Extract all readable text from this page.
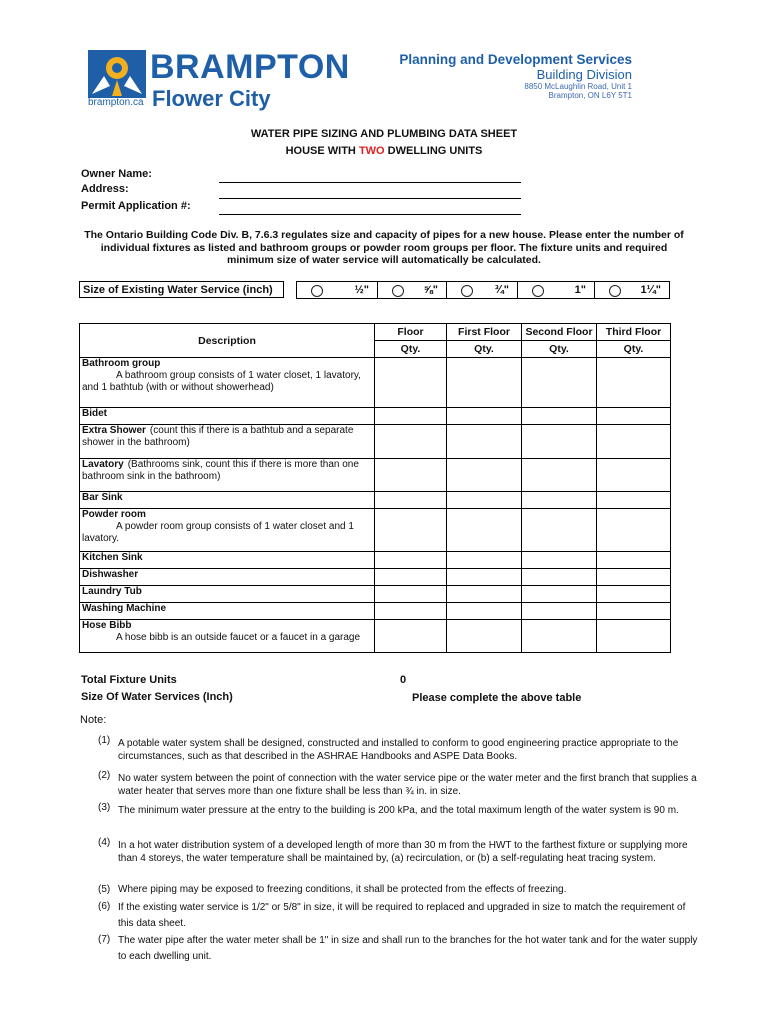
BRAMPTON
Flower City
brampton.ca
Planning and Development Services
Building Division
8850 McLaughlin Road, Unit 1
Brampton, ON L6Y 5T1
WATER PIPE SIZING AND PLUMBING DATA SHEET
HOUSE WITH TWO DWELLING UNITS
Owner Name:
Address:
Permit Application #:
The Ontario Building Code Div. B, 7.6.3 regulates size and capacity of pipes for a new house. Please enter the number of individual fixtures as listed and bathroom groups or powder room groups per floor. The fixture units and required minimum size of water service will automatically be calculated.
Size of Existing Water Service (inch)	½"	⅝"	¾"	1"	1¼"
Description	Floor	First Floor	Second Floor	Third Floor
	Qty.	Qty.	Qty.	Qty.
Bathroom group
A bathroom group consists of 1 water closet, 1 lavatory, and 1 bathtub (with or without showerhead)				

Bidet				
Extra Shower (count this if there is a bathtub and a separate shower in the bathroom)				
Lavatory (Bathrooms sink, count this if there is more than one bathroom sink in the bathroom)				
Bar Sink				
Powder room
A powder room group consists of 1 water closet and 1 lavatory.				

Kitchen Sink				
Dishwasher				
Laundry Tub				
Washing Machine				
Hose Bibb
A hose bibb is an outside faucet or a faucet in a garage				

Total Fixture Units	0
Size Of Water Services (Inch)	Please complete the above table
Note:
(1) A potable water system shall be designed, constructed and installed to conform to good engineering practice appropriate to the circumstances, such as that described in the ASHRAE Handbooks and ASPE Data Books.
(2) No water system between the point of connection with the water service pipe or the water meter and the first branch that supplies a water heater that serves more than one fixture shall be less than ¾ in. in size.
(3) The minimum water pressure at the entry to the building is 200 kPa, and the total maximum length of the water system is 90 m.
(4) In a hot water distribution system of a developed length of more than 30 m from the HWT to the farthest fixture or supplying more than 4 storeys, the water temperature shall be maintained by, (a) recirculation, or (b) a self-regulating heat tracing system.
(5) Where piping may be exposed to freezing conditions, it shall be protected from the effects of freezing.
(6) If the existing water service is 1/2" or 5/8" in size, it will be required to replaced and upgraded in size to match the requirement of this data sheet.
(7) The water pipe after the water meter shall be 1" in size and shall run to the branches for the hot water tank and for the water supply to each dwelling unit.
